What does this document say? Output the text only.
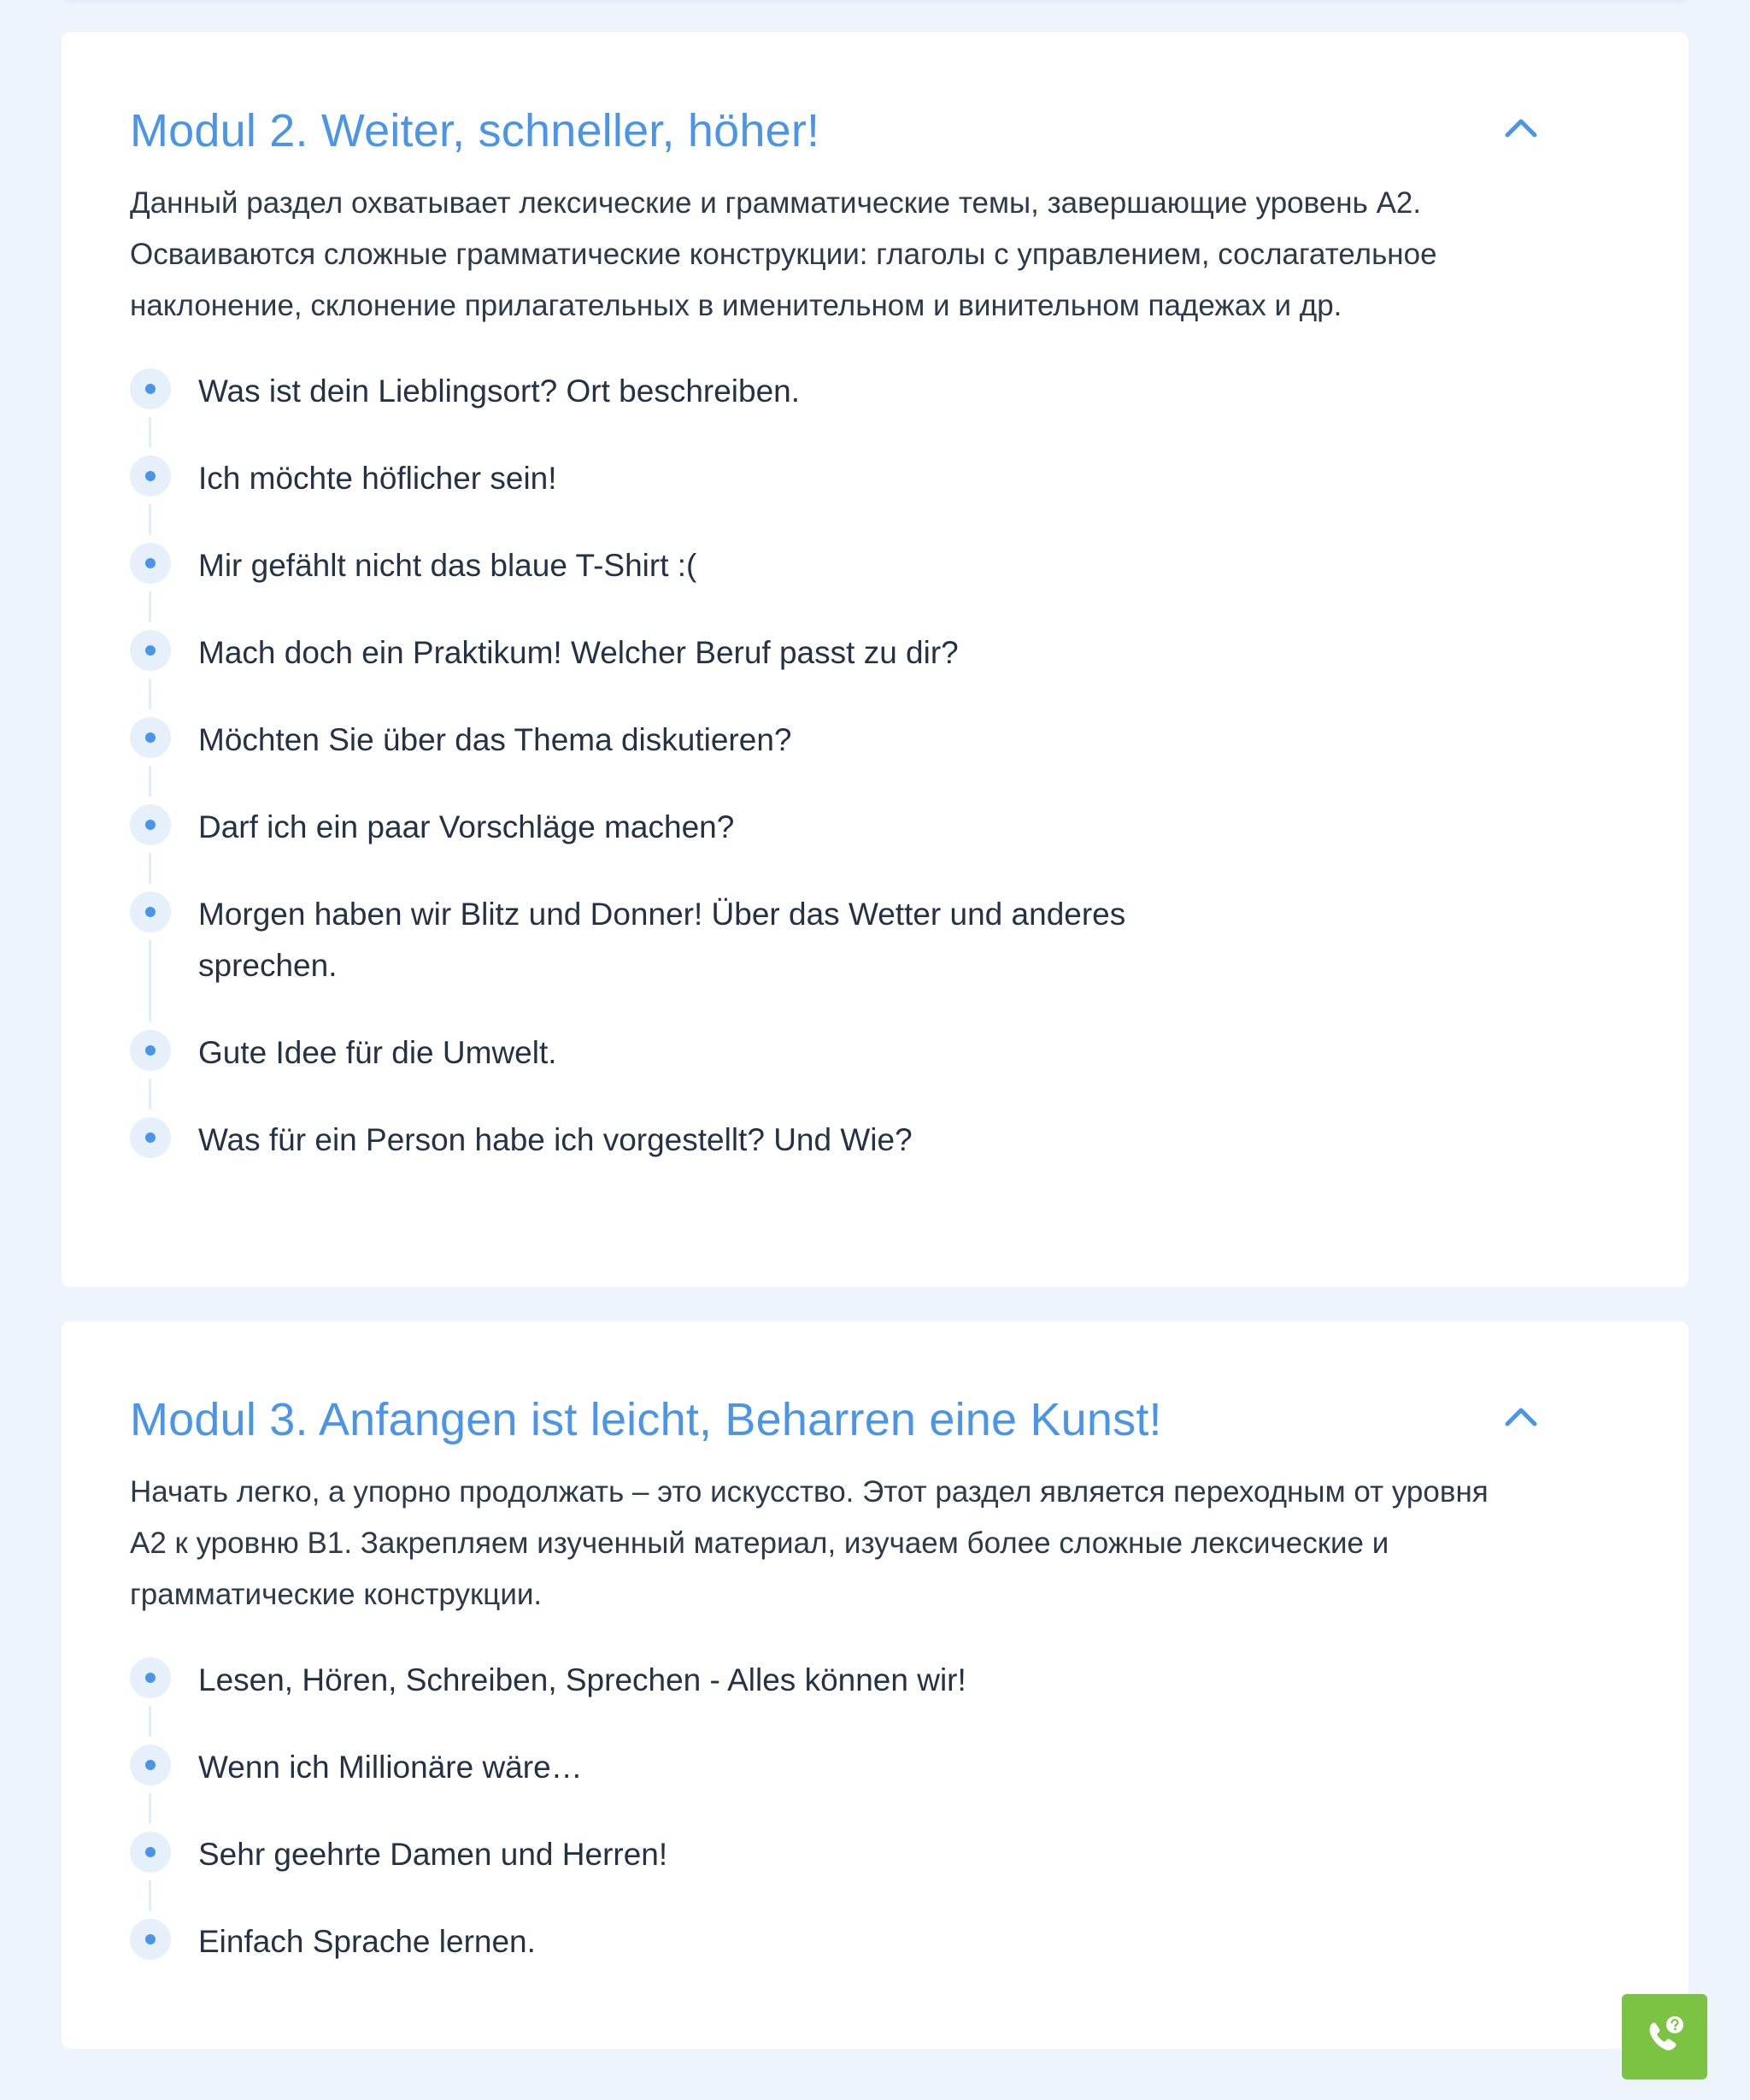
Modul 2. Weiter, schneller, höher!

Данный раздел охватывает лексические и грамматические темы, завершающие уровень А2. Осваиваются сложные грамматические конструкции: глаголы с управлением, сослагательное наклонение, склонение прилагательных в именительном и винительном падежах и др.

Was ist dein Lieblingsort? Ort beschreiben.
Ich möchte höflicher sein!
Mir gefählt nicht das blaue T-Shirt :(
Mach doch ein Praktikum! Welcher Beruf passt zu dir?
Möchten Sie über das Thema diskutieren?
Darf ich ein paar Vorschläge machen?
Morgen haben wir Blitz und Donner! Über das Wetter und anderes sprechen.
Gute Idee für die Umwelt.
Was für ein Person habe ich vorgestellt? Und Wie?
Modul 3. Anfangen ist leicht, Beharren eine Kunst!

Начать легко, а упорно продолжать – это искусство. Этот раздел является переходным от уровня А2 к уровню В1. Закрепляем изученный материал, изучаем более сложные лексические и грамматические конструкции.

Lesen, Hören, Schreiben, Sprechen - Alles können wir!
Wenn ich Millionäre wäre…
Sehr geehrte Damen und Herren!
Einfach Sprache lernen.
